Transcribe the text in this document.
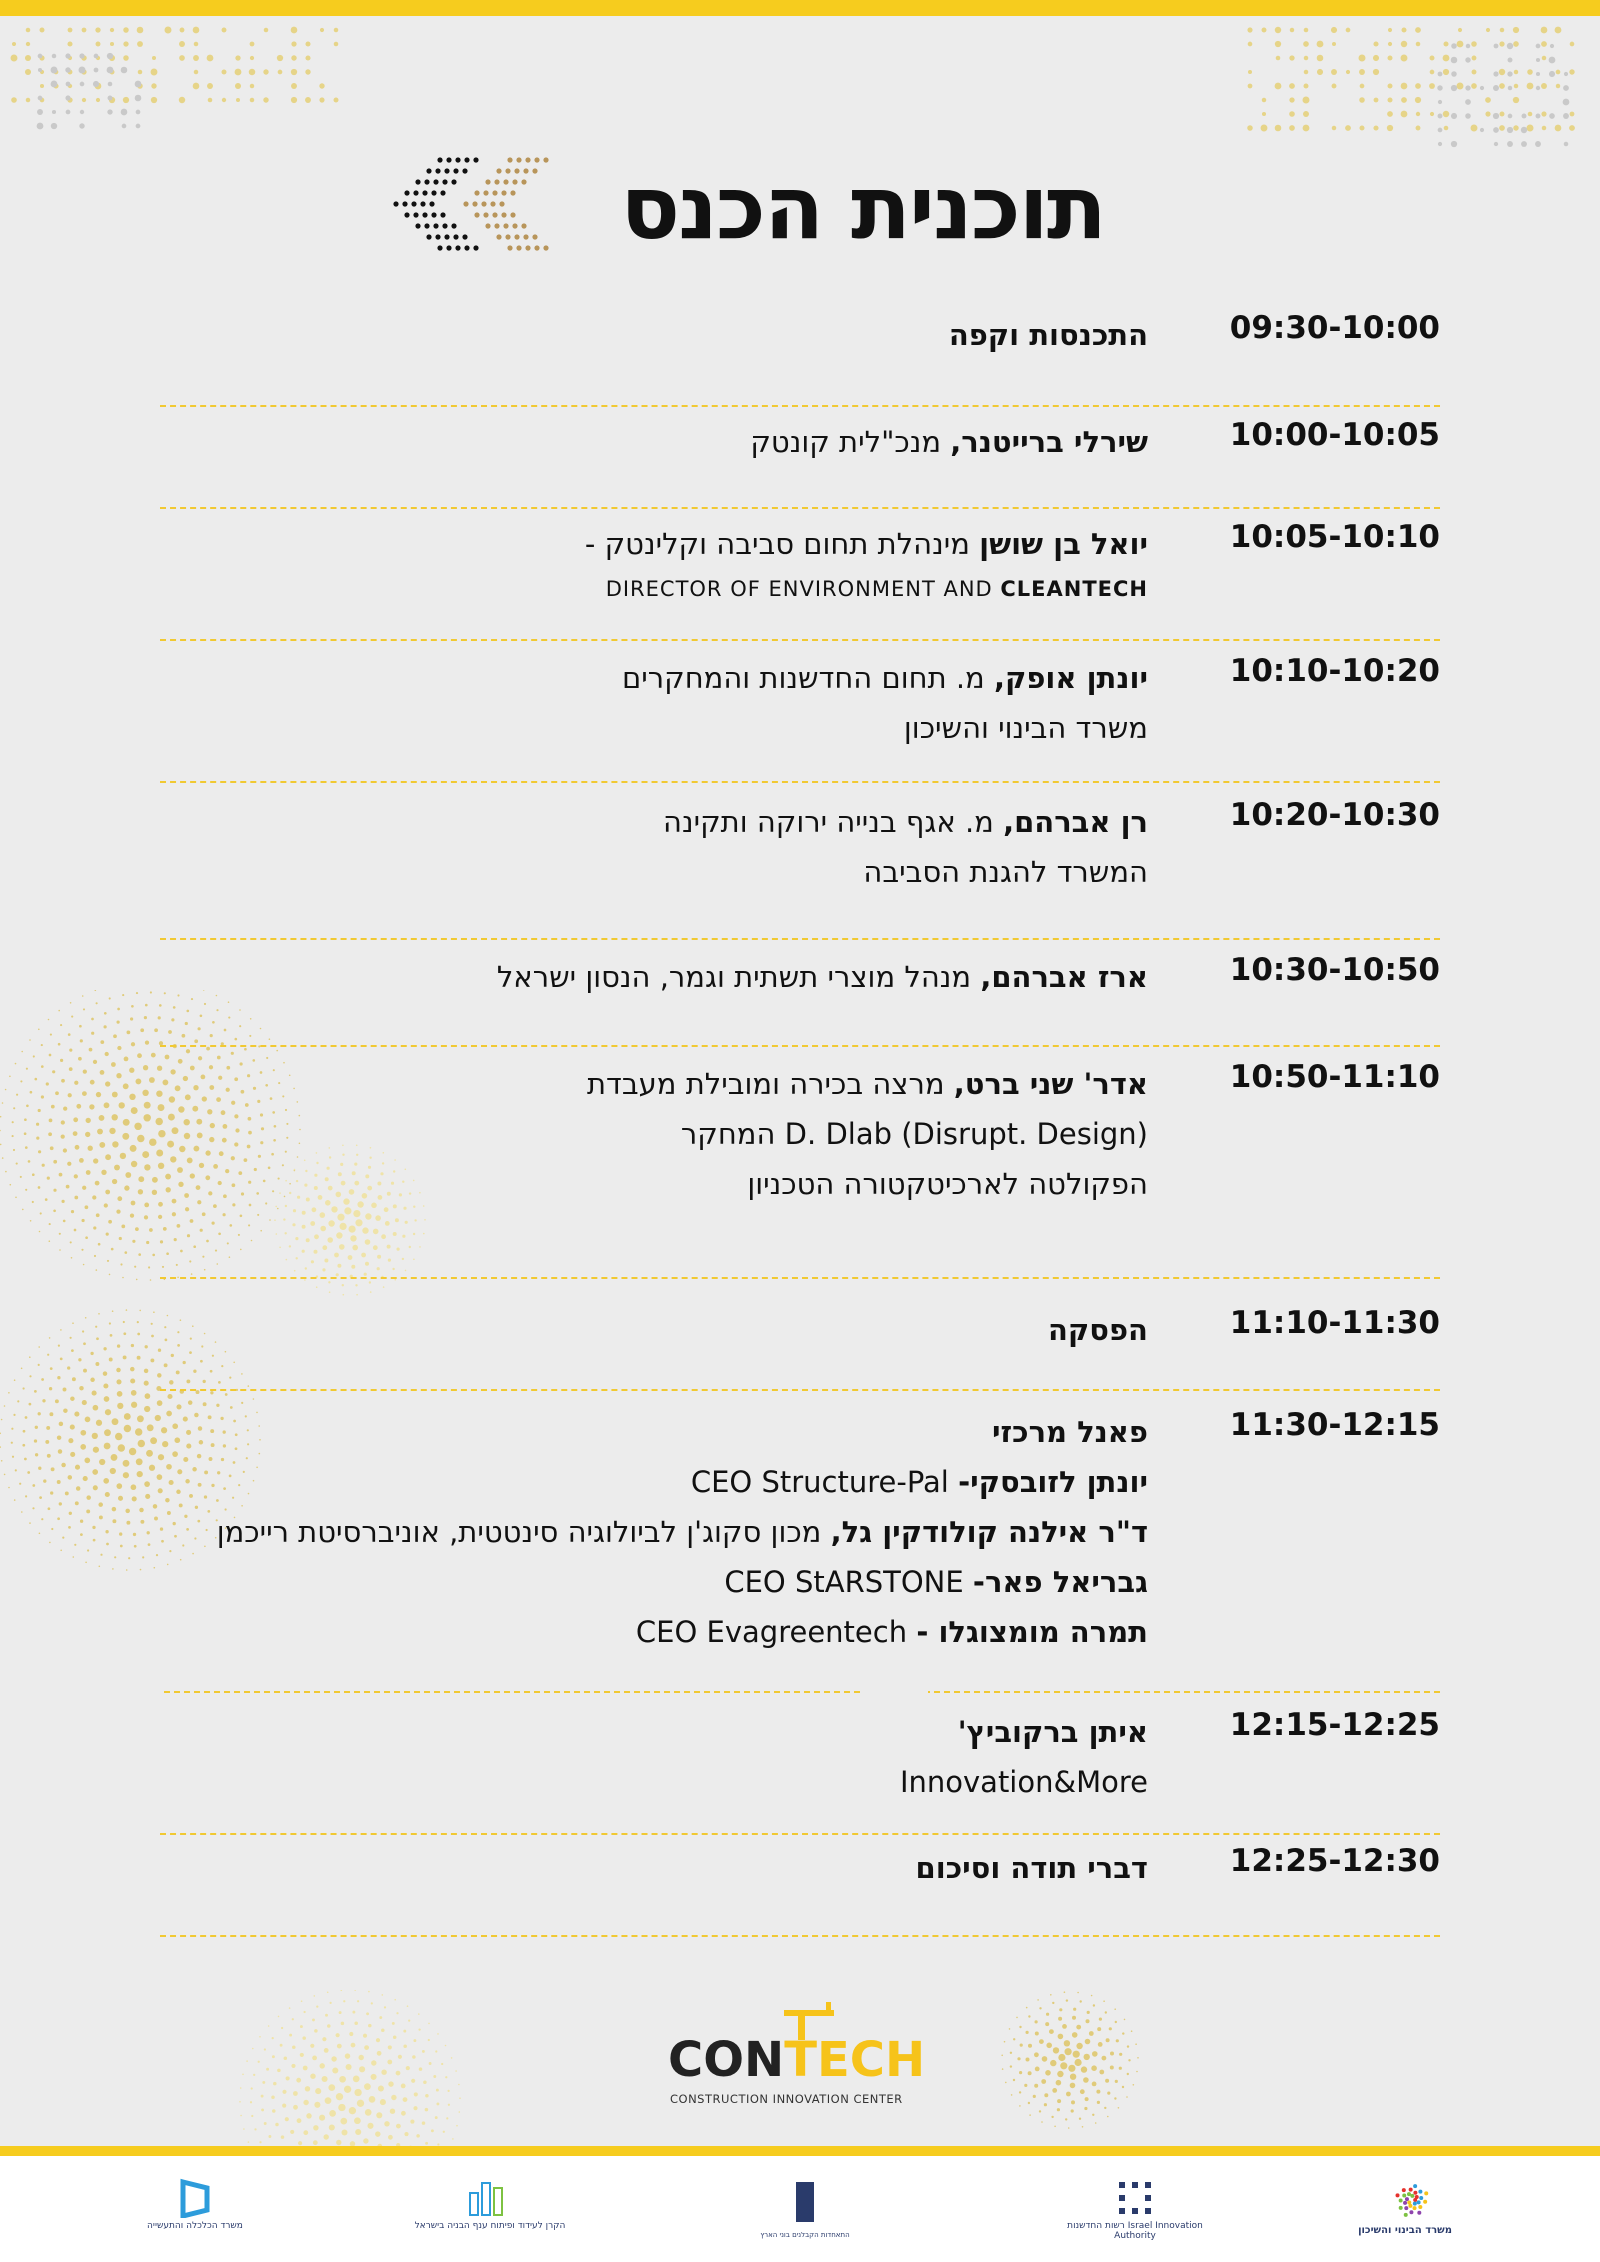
תוכנית הכנס
09:30-10:00
התכנסות וקפה
10:00-10:05
שירלי ברייטנר, מנכ"לית קונטק
10:05-10:10
יואל בן שושן מינהלת תחום סביבה וקלינטק -
DIRECTOR OF ENVIRONMENT AND CLEANTECH
10:10-10:20
יונתן אופק, מ. תחום החדשנות והמחקרים
משרד הבינוי והשיכון
10:20-10:30
רן אברהם, מ. אגף בנייה ירוקה ותקינה
המשרד להגנת הסביבה
10:30-10:50
ארז אברהם, מנהל מוצרי תשתית וגמר, הנסון ישראל
10:50-11:10
אדר' שני ברט, מרצה בכירה ומובילת מעבדת
D. Dlab (Disrupt. Design) המחקר
הפקולטה לארכיטקטורה הטכניון
11:10-11:30
הפסקה
11:30-12:15
פאנל מרכזי
יונתן לזובסקי- CEO Structure-Pal
ד"ר אילנה קולודקין גל, מכון סקוג'ן לביולוגיה סינטטית, אוניברסיטת רייכמן
גבריאל פאר- CEO StARSTONE
תמרה מומצוגלו - CEO Evagreentech
12:15-12:25
איתן ברקוביץ'
Innovation&More
12:25-12:30
דברי תודה וסיכום
CONTECH
CONSTRUCTION INNOVATION CENTER
משרד הכלכלה והתעשייה	הקרן לעידוד ופיתוח ענף הבניה בישראל
התאחדות הקבלנים בוני הארץ
רשות החדשנות Israel Innovation Authority	משרד הבינוי והשיכון
